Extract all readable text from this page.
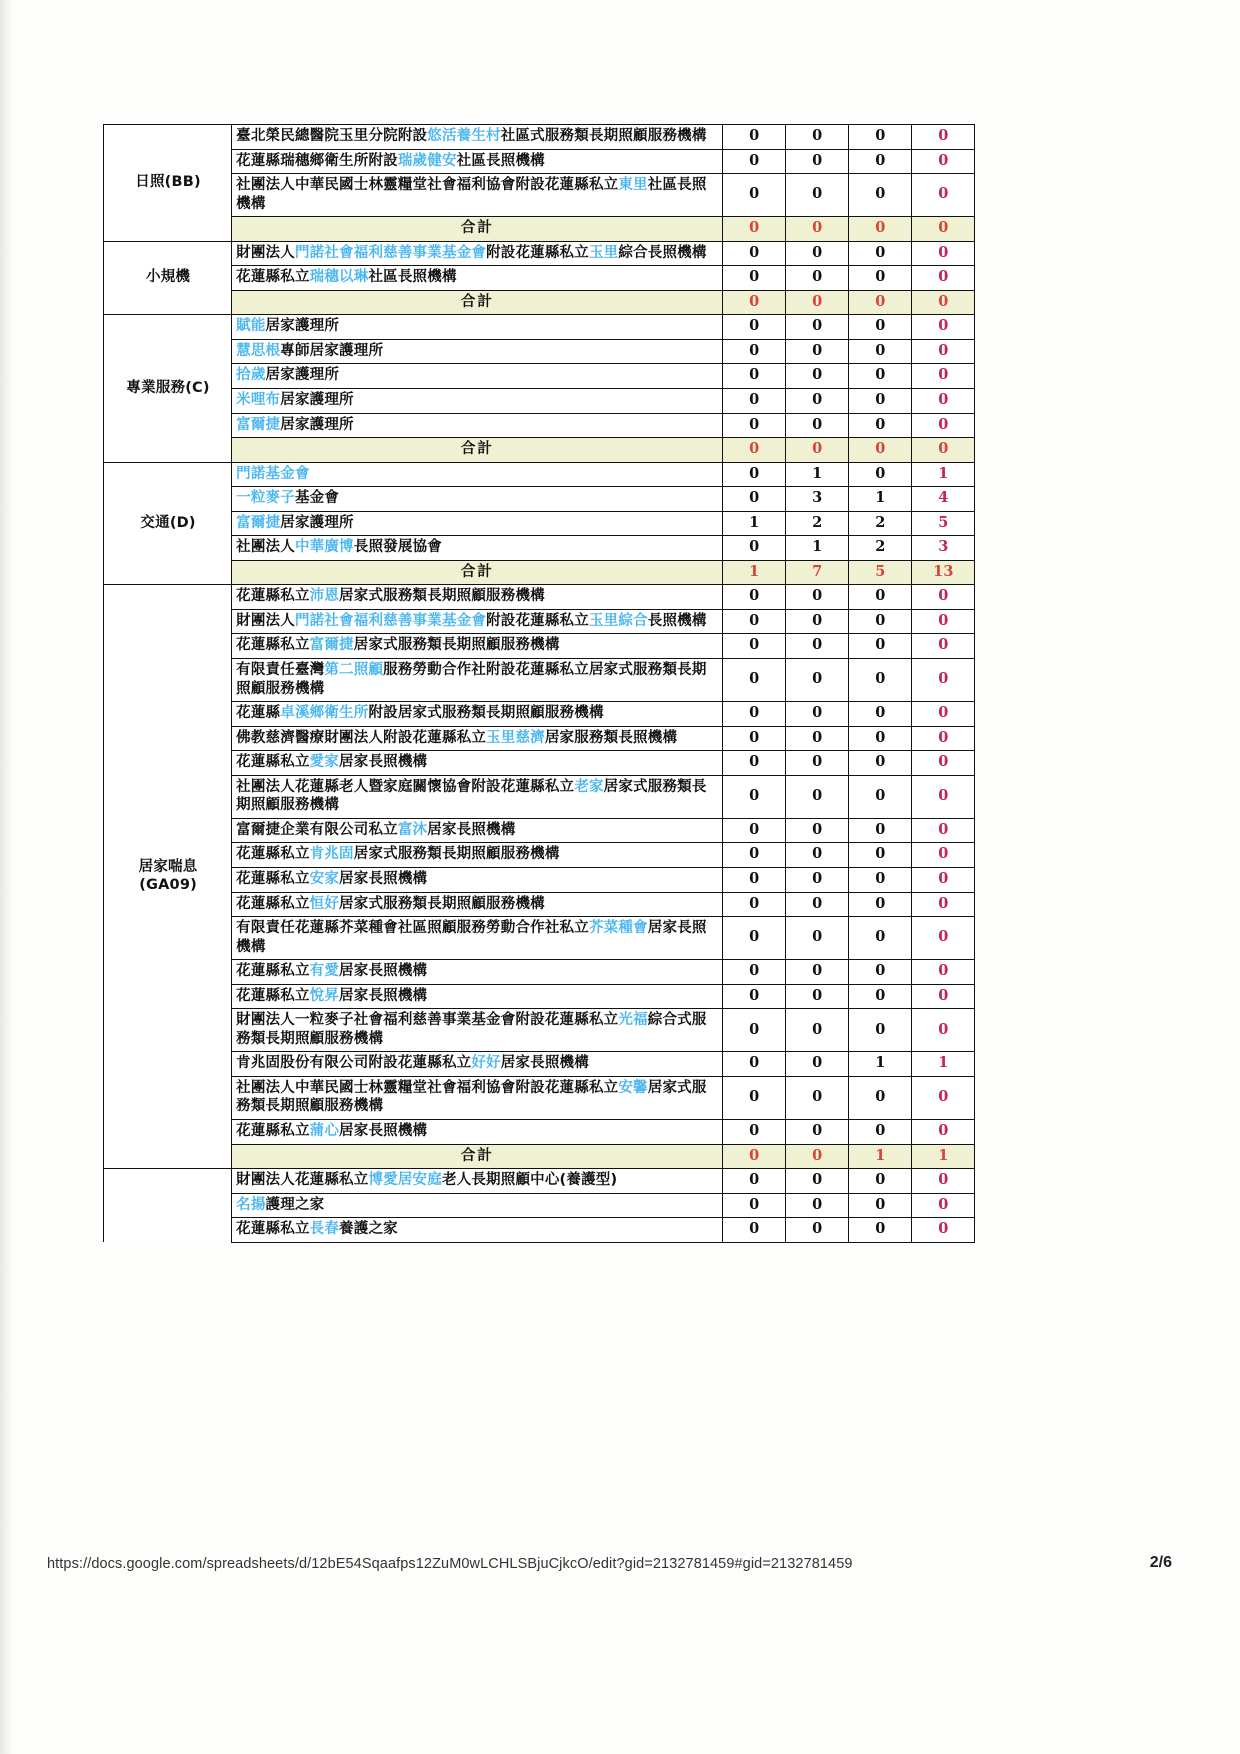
日照(BB)	臺北榮民總醫院玉里分院附設悠活養生村社區式服務類長期照顧服務機構	0	0	0	0
	花蓮縣瑞穗鄉衛生所附設瑞歲健安社區長照機構	0	0	0	0
	社團法人中華民國士林靈糧堂社會福利協會附設花蓮縣私立東里社區長照機構	0	0	0	0
	合計	0	0	0	0
小規機	財團法人門諾社會福利慈善事業基金會附設花蓮縣私立玉里綜合長照機構	0	0	0	0
	花蓮縣私立瑞穗以琳社區長照機構	0	0	0	0
	合計	0	0	0	0
專業服務(C)	賦能居家護理所	0	0	0	0
	慧思根專師居家護理所	0	0	0	0
	拾歲居家護理所	0	0	0	0
	米哩布居家護理所	0	0	0	0
	富爾捷居家護理所	0	0	0	0
	合計	0	0	0	0
交通(D)	門諾基金會	0	1	0	1
	一粒麥子基金會	0	3	1	4
	富爾捷居家護理所	1	2	2	5
	社團法人中華廣博長照發展協會	0	1	2	3
	合計	1	7	5	13
居家喘息
(GA09)	花蓮縣私立沛恩居家式服務類長期照顧服務機構	0	0	0	0
	財團法人門諾社會福利慈善事業基金會附設花蓮縣私立玉里綜合長照機構	0	0	0	0
	花蓮縣私立富爾捷居家式服務類長期照顧服務機構	0	0	0	0
	有限責任臺灣第二照顧服務勞動合作社附設花蓮縣私立居家式服務類長期照顧服務機構	0	0	0	0
	花蓮縣卓溪鄉衛生所附設居家式服務類長期照顧服務機構	0	0	0	0
	佛教慈濟醫療財團法人附設花蓮縣私立玉里慈濟居家服務類長照機構	0	0	0	0
	花蓮縣私立愛家居家長照機構	0	0	0	0
	社團法人花蓮縣老人暨家庭關懷協會附設花蓮縣私立老家居家式服務類長期照顧服務機構	0	0	0	0
	富爾捷企業有限公司私立富沐居家長照機構	0	0	0	0
	花蓮縣私立肯兆固居家式服務類長期照顧服務機構	0	0	0	0
	花蓮縣私立安家居家長照機構	0	0	0	0
	花蓮縣私立恒好居家式服務類長期照顧服務機構	0	0	0	0
	有限責任花蓮縣芥菜種會社區照顧服務勞動合作社私立芥菜種會居家長照機構	0	0	0	0
	花蓮縣私立有愛居家長照機構	0	0	0	0
	花蓮縣私立悅昇居家長照機構	0	0	0	0
	財團法人一粒麥子社會福利慈善事業基金會附設花蓮縣私立光福綜合式服務類長期照顧服務機構	0	0	0	0
	肯兆固股份有限公司附設花蓮縣私立好好居家長照機構	0	0	1	1
	社團法人中華民國士林靈糧堂社會福利協會附設花蓮縣私立安馨居家式服務類長期照顧服務機構	0	0	0	0
	花蓮縣私立蒲心居家長照機構	0	0	0	0
	合計	0	0	1	1
	財團法人花蓮縣私立博愛居安庭老人長期照顧中心(養護型)	0	0	0	0
	名揚護理之家	0	0	0	0
	花蓮縣私立長春養護之家	0	0	0	0
https://docs.google.com/spreadsheets/d/12bE54Sqaafps12ZuM0wLCHLSBjuCjkcO/edit?gid=2132781459#gid=2132781459	2/6
